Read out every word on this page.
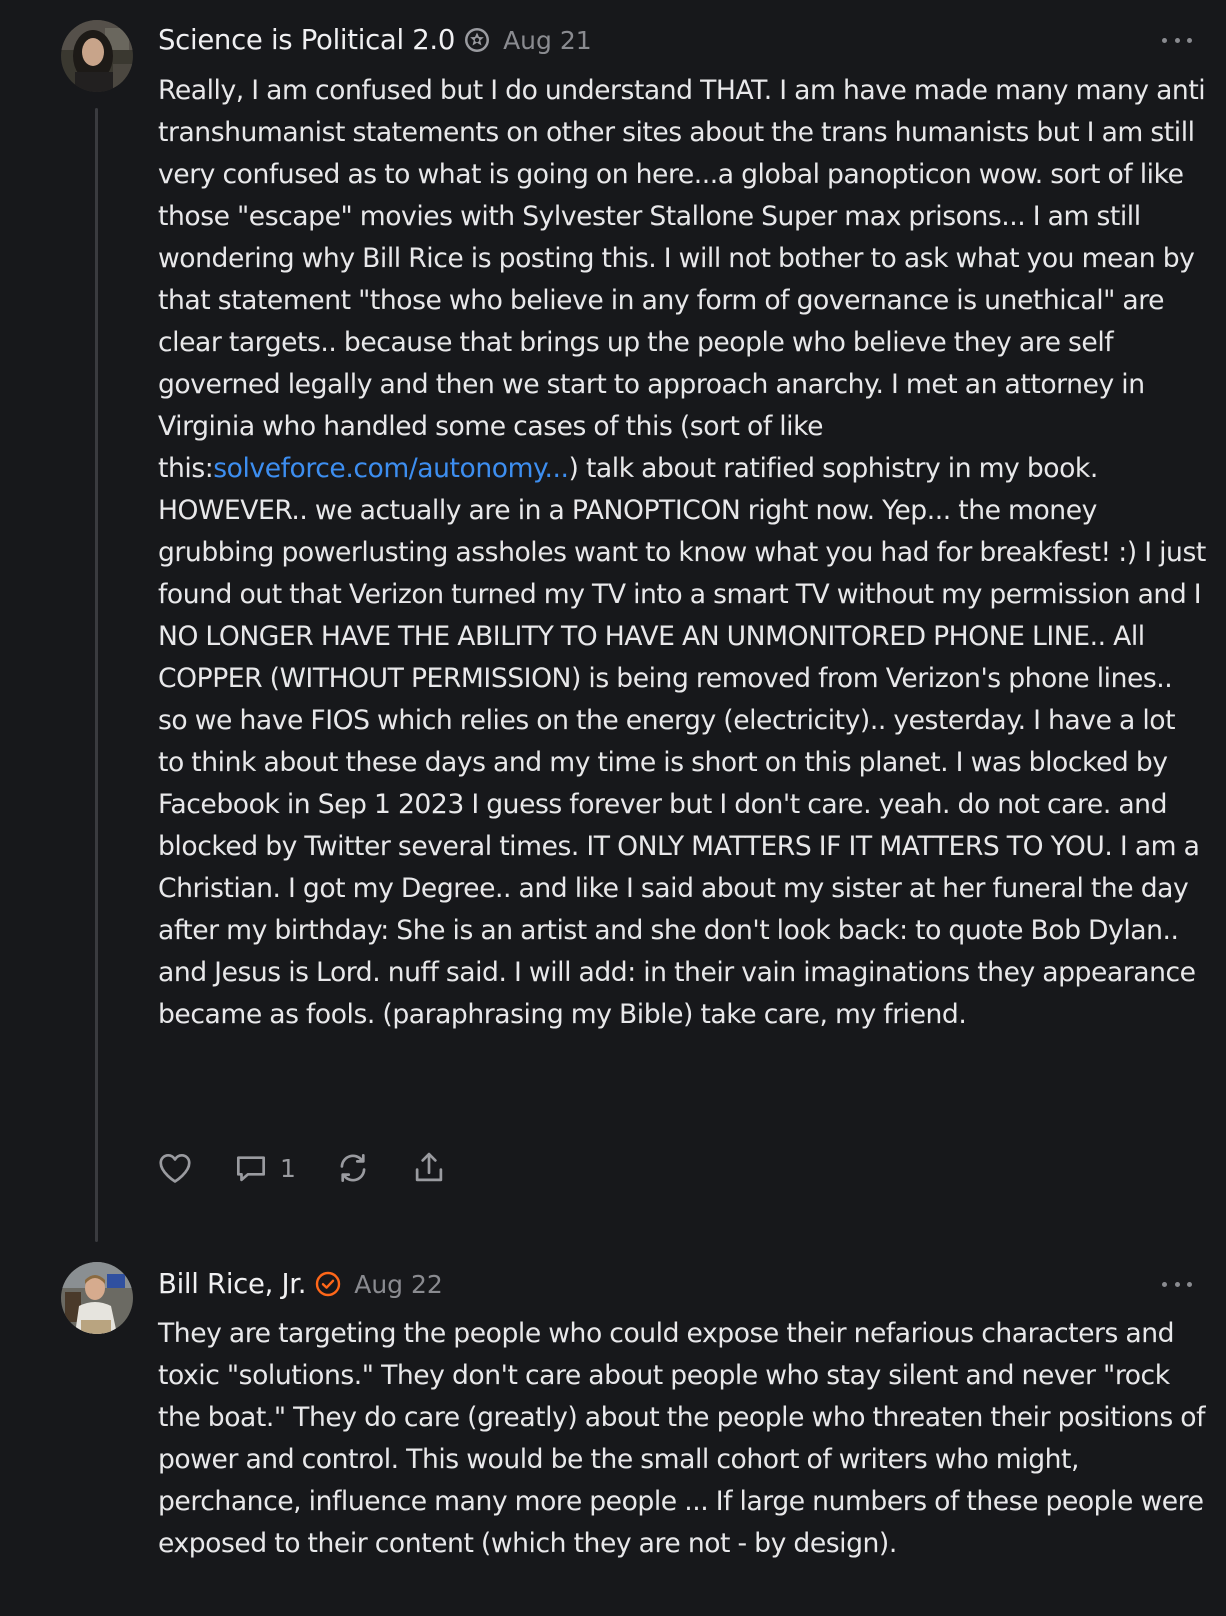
Science is Political 2.0 Aug 21

Really, I am confused but I do understand THAT. I am have made many many anti transhumanist statements on other sites about the trans humanists but I am still very confused as to what is going on here...a global panopticon wow. sort of like those "escape" movies with Sylvester Stallone Super max prisons... I am still wondering why Bill Rice is posting this. I will not bother to ask what you mean by that statement "those who believe in any form of governance is unethical" are clear targets.. because that brings up the people who believe they are self governed legally and then we start to approach anarchy. I met an attorney in Virginia who handled some cases of this (sort of like this:solveforce.com/autonomy...) talk about ratified sophistry in my book. HOWEVER.. we actually are in a PANOPTICON right now. Yep... the money grubbing powerlusting assholes want to know what you had for breakfest! :) I just found out that Verizon turned my TV into a smart TV without my permission and I NO LONGER HAVE THE ABILITY TO HAVE AN UNMONITORED PHONE LINE.. All COPPER (WITHOUT PERMISSION) is being removed from Verizon's phone lines.. so we have FIOS which relies on the energy (electricity).. yesterday. I have a lot to think about these days and my time is short on this planet. I was blocked by Facebook in Sep 1 2023 I guess forever but I don't care. yeah. do not care. and blocked by Twitter several times. IT ONLY MATTERS IF IT MATTERS TO YOU. I am a Christian. I got my Degree.. and like I said about my sister at her funeral the day after my birthday: She is an artist and she don't look back: to quote Bob Dylan.. and Jesus is Lord. nuff said. I will add: in their vain imaginations they appearance became as fools. (paraphrasing my Bible) take care, my friend.

1
Bill Rice, Jr. Aug 22

They are targeting the people who could expose their nefarious characters and toxic "solutions." They don't care about people who stay silent and never "rock the boat." They do care (greatly) about the people who threaten their positions of power and control. This would be the small cohort of writers who might, perchance, influence many more people ... If large numbers of these people were exposed to their content (which they are not - by design).
